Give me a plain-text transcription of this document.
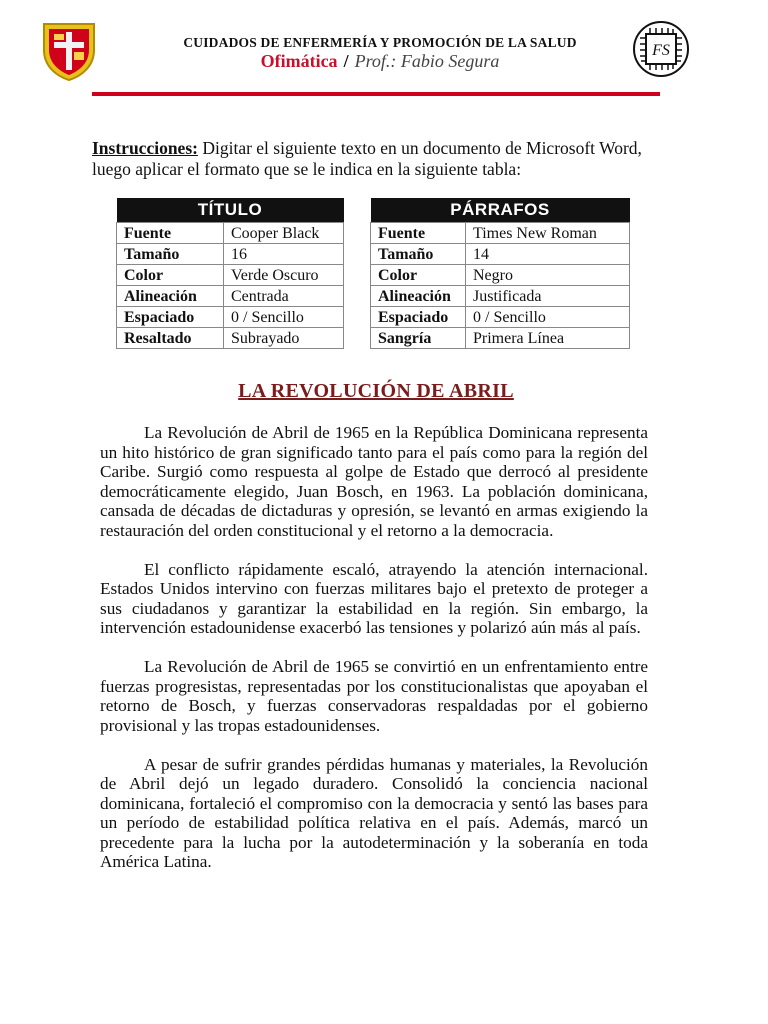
CUIDADOS DE ENFERMERÍA Y PROMOCIÓN DE LA SALUD
Ofimática / Prof.: Fabio Segura
FS
Instrucciones: Digitar el siguiente texto en un documento de Microsoft Word, luego aplicar el formato que se le indica en la siguiente tabla:
TÍTULO	
Fuente	Cooper Black
Tamaño	16
Color	Verde Oscuro
Alineación	Centrada
Espaciado	0 / Sencillo
Resaltado	Subrayado
PÁRRAFOS	
Fuente	Times New Roman
Tamaño	14
Color	Negro
Alineación	Justificada
Espaciado	0 / Sencillo
Sangría	Primera Línea
LA REVOLUCIÓN DE ABRIL

La Revolución de Abril de 1965 en la República Dominicana representa un hito histórico de gran significado tanto para el país como para la región del Caribe. Surgió como respuesta al golpe de Estado que derrocó al presidente democráticamente elegido, Juan Bosch, en 1963. La población dominicana, cansada de décadas de dictaduras y opresión, se levantó en armas exigiendo la restauración del orden constitucional y el retorno a la democracia.

El conflicto rápidamente escaló, atrayendo la atención internacional. Estados Unidos intervino con fuerzas militares bajo el pretexto de proteger a sus ciudadanos y garantizar la estabilidad en la región. Sin embargo, la intervención estadounidense exacerbó las tensiones y polarizó aún más al país.

La Revolución de Abril de 1965 se convirtió en un enfrentamiento entre fuerzas progresistas, representadas por los constitucionalistas que apoyaban el retorno de Bosch, y fuerzas conservadoras respaldadas por el gobierno provisional y las tropas estadounidenses.

A pesar de sufrir grandes pérdidas humanas y materiales, la Revolución de Abril dejó un legado duradero. Consolidó la conciencia nacional dominicana, fortaleció el compromiso con la democracia y sentó las bases para un período de estabilidad política relativa en el país. Además, marcó un precedente para la lucha por la autodeterminación y la soberanía en toda América Latina.
